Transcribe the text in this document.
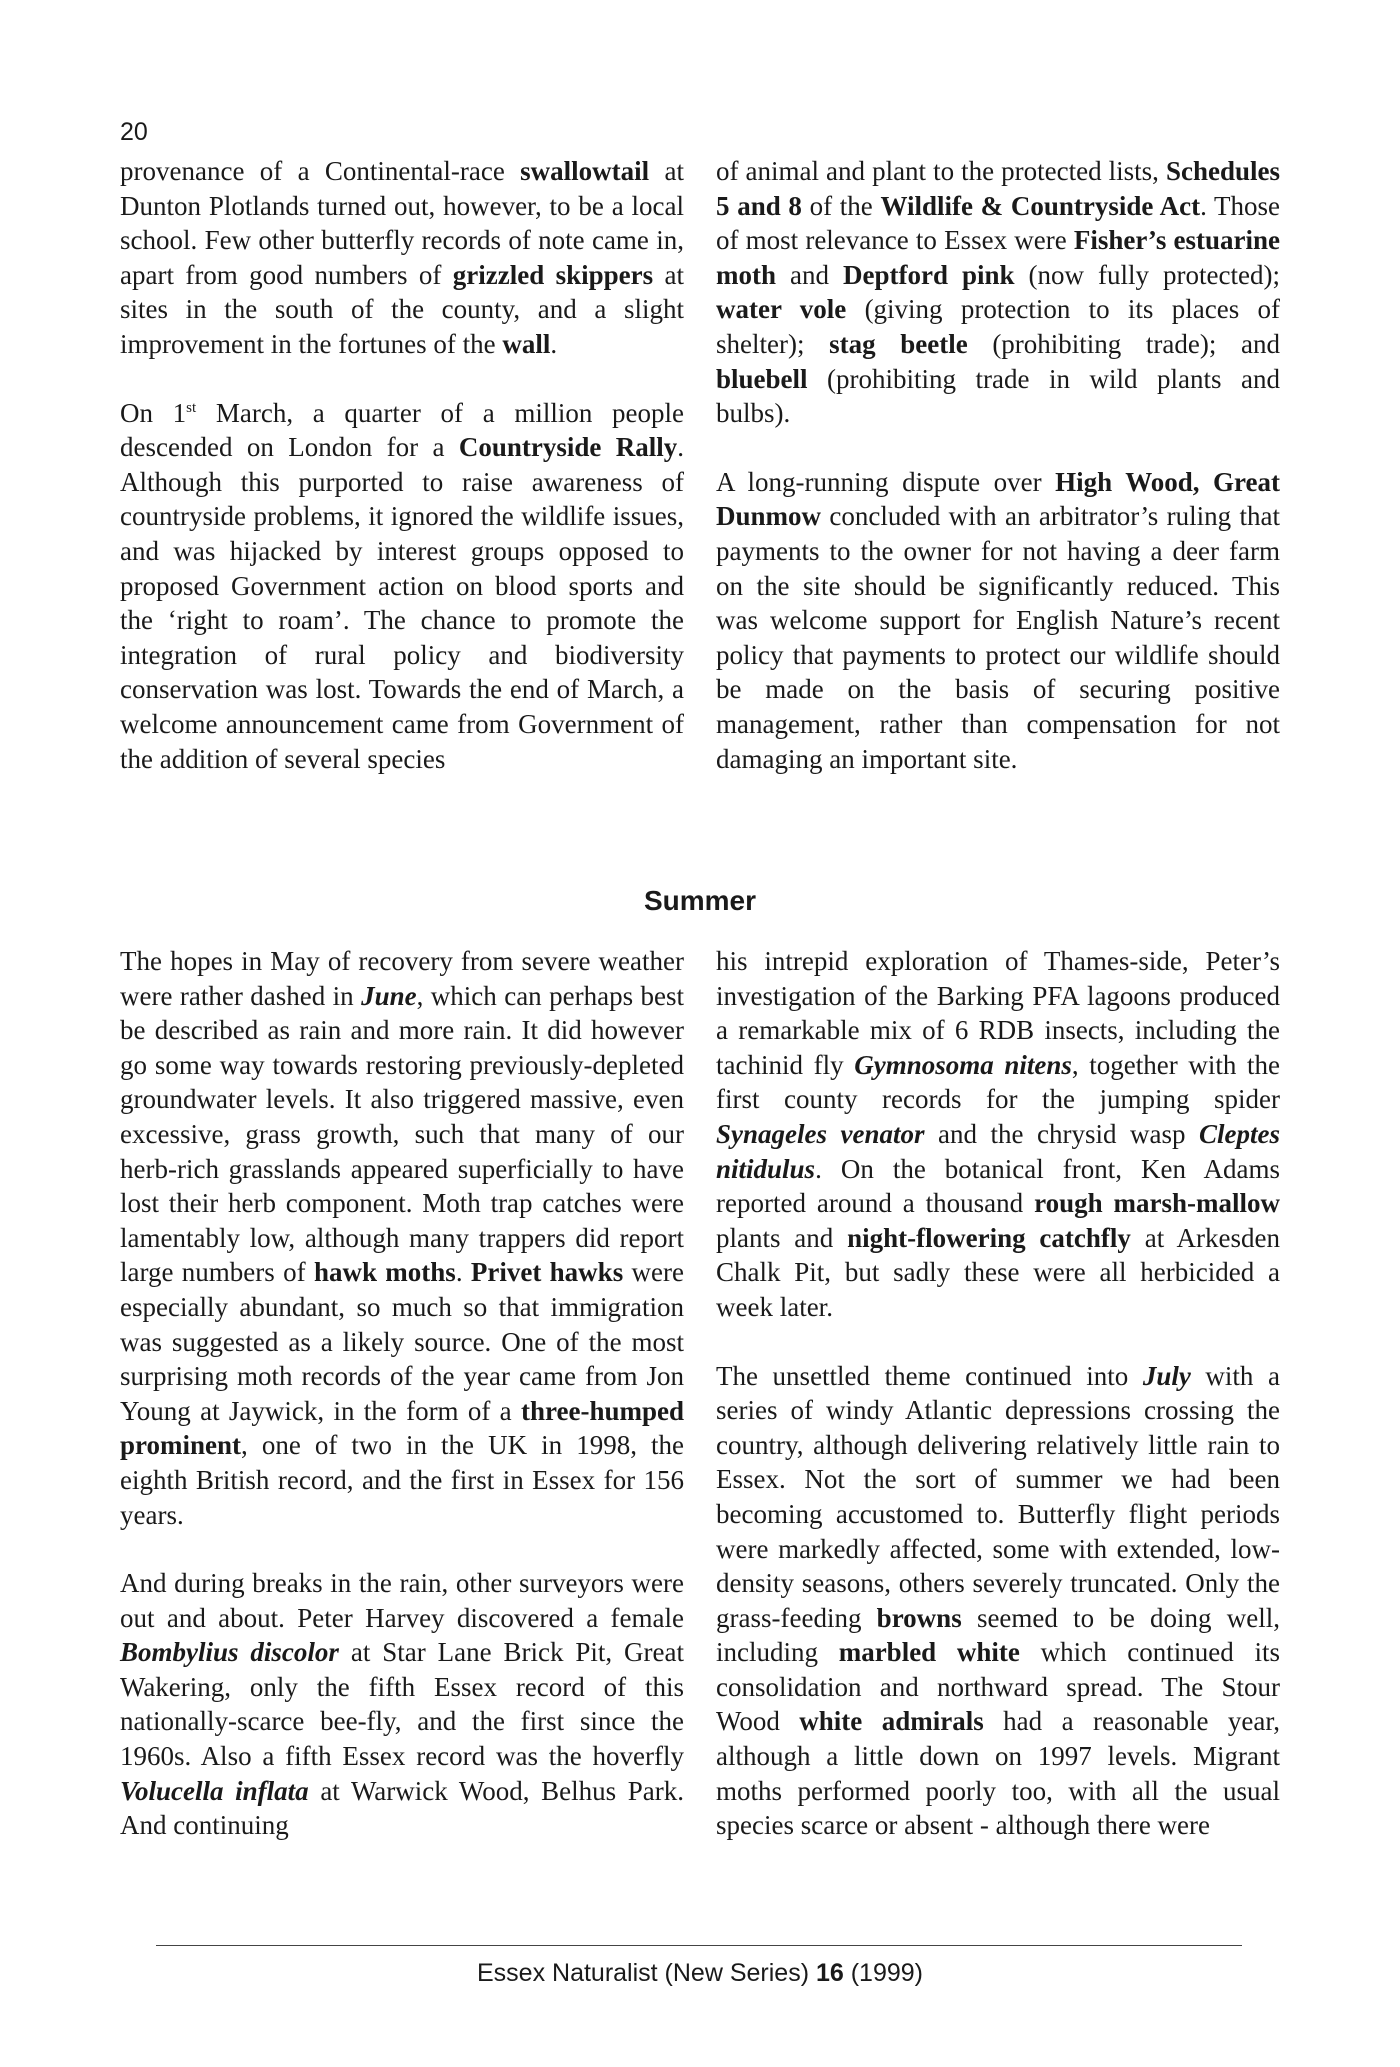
20

provenance of a Continental-race swallowtail at Dunton Plotlands turned out, however, to be a local school. Few other butterfly records of note came in, apart from good numbers of grizzled skippers at sites in the south of the county, and a slight improvement in the fortunes of the wall.

On 1st March, a quarter of a million people descended on London for a Countryside Rally. Although this purported to raise awareness of countryside problems, it ignored the wildlife issues, and was hijacked by interest groups opposed to proposed Government action on blood sports and the ‘right to roam’. The chance to promote the integration of rural policy and biodiversity conservation was lost. Towards the end of March, a welcome announcement came from Government of the addition of several species

of animal and plant to the protected lists, Schedules 5 and 8 of the Wildlife & Countryside Act. Those of most relevance to Essex were Fisher’s estuarine moth and Deptford pink (now fully protected); water vole (giving protection to its places of shelter); stag beetle (prohibiting trade); and bluebell (prohibiting trade in wild plants and bulbs).

A long-running dispute over High Wood, Great Dunmow concluded with an arbitrator’s ruling that payments to the owner for not having a deer farm on the site should be significantly reduced. This was welcome support for English Nature’s recent policy that payments to protect our wildlife should be made on the basis of securing positive management, rather than compensation for not damaging an important site.

Summer

The hopes in May of recovery from severe weather were rather dashed in June, which can perhaps best be described as rain and more rain. It did however go some way towards restoring previously-depleted groundwater levels. It also triggered massive, even excessive, grass growth, such that many of our herb-rich grasslands appeared superficially to have lost their herb component. Moth trap catches were lamentably low, although many trappers did report large numbers of hawk moths. Privet hawks were especially abundant, so much so that immigration was suggested as a likely source. One of the most surprising moth records of the year came from Jon Young at Jaywick, in the form of a three-humped prominent, one of two in the UK in 1998, the eighth British record, and the first in Essex for 156 years.

And during breaks in the rain, other surveyors were out and about. Peter Harvey discovered a female Bombylius discolor at Star Lane Brick Pit, Great Wakering, only the fifth Essex record of this nationally-scarce bee-fly, and the first since the 1960s. Also a fifth Essex record was the hoverfly Volucella inflata at Warwick Wood, Belhus Park. And continuing

his intrepid exploration of Thames-side, Peter’s investigation of the Barking PFA lagoons produced a remarkable mix of 6 RDB insects, including the tachinid fly Gymnosoma nitens, together with the first county records for the jumping spider Synageles venator and the chrysid wasp Cleptes nitidulus. On the botanical front, Ken Adams reported around a thousand rough marsh-mallow plants and night-flowering catchfly at Arkesden Chalk Pit, but sadly these were all herbicided a week later.

The unsettled theme continued into July with a series of windy Atlantic depressions crossing the country, although delivering relatively little rain to Essex. Not the sort of summer we had been becoming accustomed to. Butterfly flight periods were markedly affected, some with extended, low-density seasons, others severely truncated. Only the grass-feeding browns seemed to be doing well, including marbled white which continued its consolidation and northward spread. The Stour Wood white admirals had a reasonable year, although a little down on 1997 levels. Migrant moths performed poorly too, with all the usual species scarce or absent - although there were

Essex Naturalist (New Series) 16 (1999)
